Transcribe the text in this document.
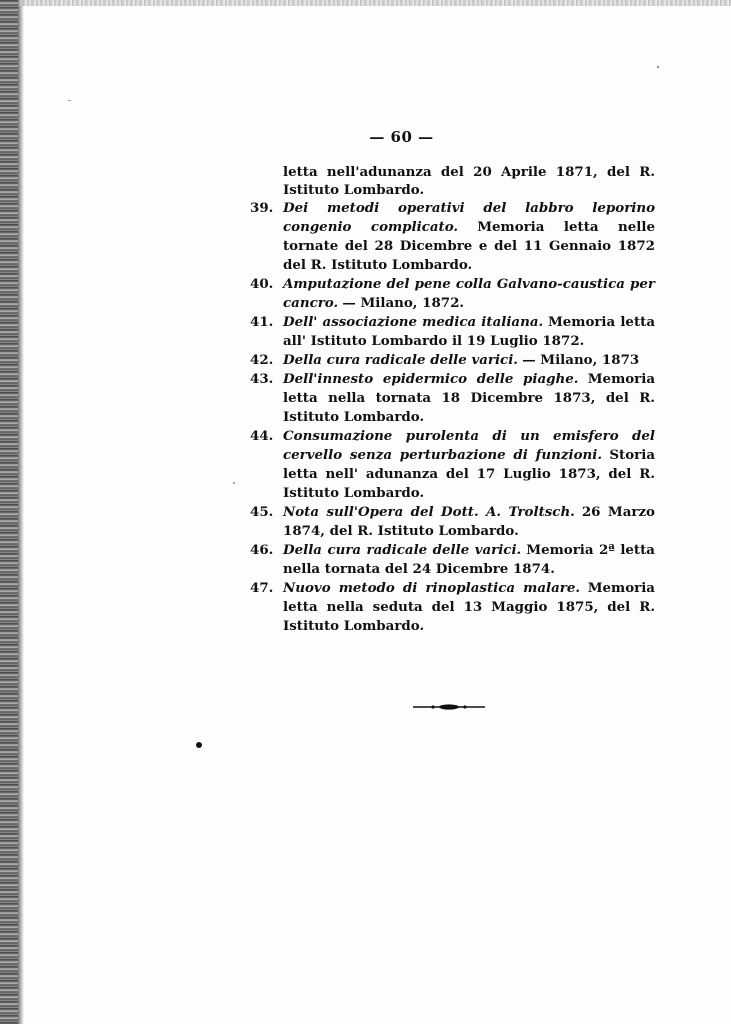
— 60 —

letta nell'adunanza del 20 Aprile 1871, del R. Istituto Lombardo.

39. Dei metodi operativi del labbro leporino congenio complicato. Memoria letta nelle tornate del 28 Dicembre e del 11 Gennaio 1872 del R. Istituto Lombardo.
40. Amputazione del pene colla Galvano-caustica per cancro. — Milano, 1872.
41. Dell' associazione medica italiana. Memoria letta all' Istituto Lombardo il 19 Luglio 1872.
42. Della cura radicale delle varici. — Milano, 1873
43. Dell'innesto epidermico delle piaghe. Memoria letta nella tornata 18 Dicembre 1873, del R. Istituto Lombardo.
44. Consumazione purolenta di un emisfero del cervello senza perturbazione di funzioni. Storia letta nell' adunanza del 17 Luglio 1873, del R. Istituto Lombardo.
45. Nota sull'Opera del Dott. A. Troltsch. 26 Marzo 1874, del R. Istituto Lombardo.
46. Della cura radicale delle varici. Memoria 2ª letta nella tornata del 24 Dicembre 1874.
47. Nuovo metodo di rinoplastica malare. Memoria letta nella seduta del 13 Maggio 1875, del R. Istituto Lombardo.
